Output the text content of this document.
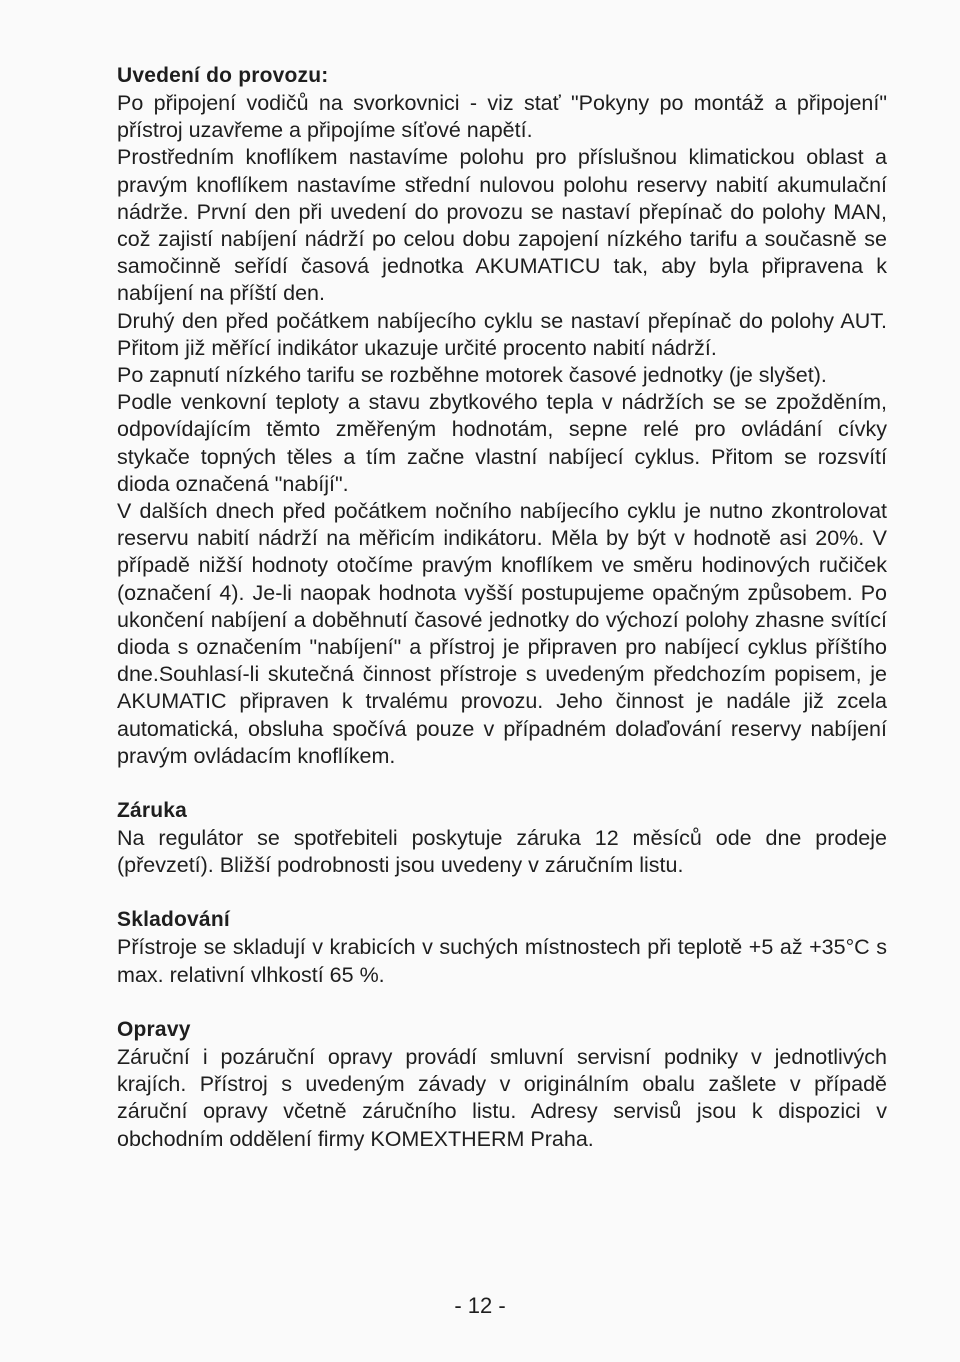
Uvedení do provozu:

Po připojení vodičů na svorkovnici - viz stať "Pokyny po montáž a připojení" přístroj uzavřeme a připojíme síťové napětí.

Prostředním knoflíkem nastavíme polohu pro příslušnou klimatickou oblast a pravým knoflíkem nastavíme střední nulovou polohu reservy nabití akumulační nádrže. První den při uvedení do provozu se nastaví přepínač do polohy MAN, což zajistí nabíjení nádrží po celou dobu zapojení nízkého tarifu a současně se samočinně seřídí časová jednotka AKUMATICU tak, aby byla připravena k nabíjení na příští den.

Druhý den před počátkem nabíjecího cyklu se nastaví přepínač do polohy AUT. Přitom již měřící indikátor ukazuje určité procento nabití nádrží.

Po zapnutí nízkého tarifu se rozběhne motorek časové jednotky (je slyšet).

Podle venkovní teploty a stavu zbytkového tepla v nádržích se se zpožděním, odpovídajícím těmto změřeným hodnotám, sepne relé pro ovládání cívky stykače topných těles a tím začne vlastní nabíjecí cyklus. Přitom se rozsvítí dioda označená "nabíjí".

V dalších dnech před počátkem nočního nabíjecího cyklu je nutno zkontrolovat reservu nabití nádrží na měřicím indikátoru. Měla by být v hodnotě asi 20%. V případě nižší hodnoty otočíme pravým knoflíkem ve směru hodinových ručiček (označení 4). Je-li naopak hodnota vyšší postupujeme opačným způsobem. Po ukončení nabíjení a doběhnutí časové jednotky do výchozí polohy zhasne svítící dioda s označením "nabíjení" a přístroj je připraven pro nabíjecí cyklus příštího dne.Souhlasí-li skutečná činnost přístroje s uvedeným předchozím popisem, je AKUMATIC připraven k trvalému provozu. Jeho činnost je nadále již zcela automatická, obsluha spočívá pouze v případném dolaďování reservy nabíjení pravým ovládacím knoflíkem.

Záruka

Na regulátor se spotřebiteli poskytuje záruka 12 měsíců ode dne prodeje (převzetí). Bližší podrobnosti jsou uvedeny v záručním listu.

Skladování

Přístroje se skladují v krabicích v suchých místnostech při teplotě +5 až +35°C s max. relativní vlhkostí 65 %.

Opravy

Záruční i pozáruční opravy provádí smluvní servisní podniky v jednotlivých krajích. Přístroj s uvedeným závady v originálním obalu zašlete v případě záruční opravy včetně záručního listu. Adresy servisů jsou k dispozici v obchodním oddělení firmy KOMEXTHERM Praha.

- 12 -
